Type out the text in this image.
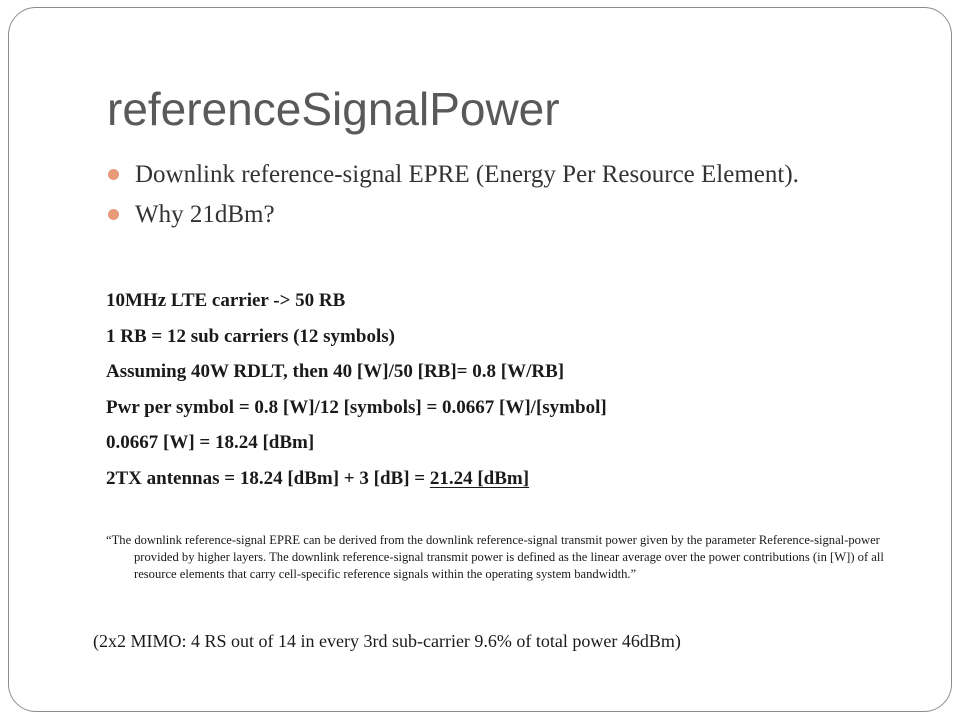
referenceSignalPower
Downlink reference-signal EPRE (Energy Per Resource Element).
Why 21dBm?
10MHz LTE carrier -> 50 RB
1 RB = 12 sub carriers (12 symbols)
Assuming 40W RDLT, then 40 [W]/50 [RB]= 0.8 [W/RB]
Pwr per symbol = 0.8 [W]/12 [symbols] = 0.0667 [W]/[symbol]
0.0667 [W] = 18.24 [dBm]
2TX antennas = 18.24 [dBm] + 3 [dB] = 21.24 [dBm]
“The downlink reference-signal EPRE can be derived from the downlink reference-signal transmit power given by the parameter Reference-signal-power provided by higher layers. The downlink reference-signal transmit power is defined as the linear average over the power contributions (in [W]) of all resource elements that carry cell-specific reference signals within the operating system bandwidth.”
(2x2 MIMO: 4 RS out of 14 in every 3rd sub-carrier 9.6% of total power 46dBm)
